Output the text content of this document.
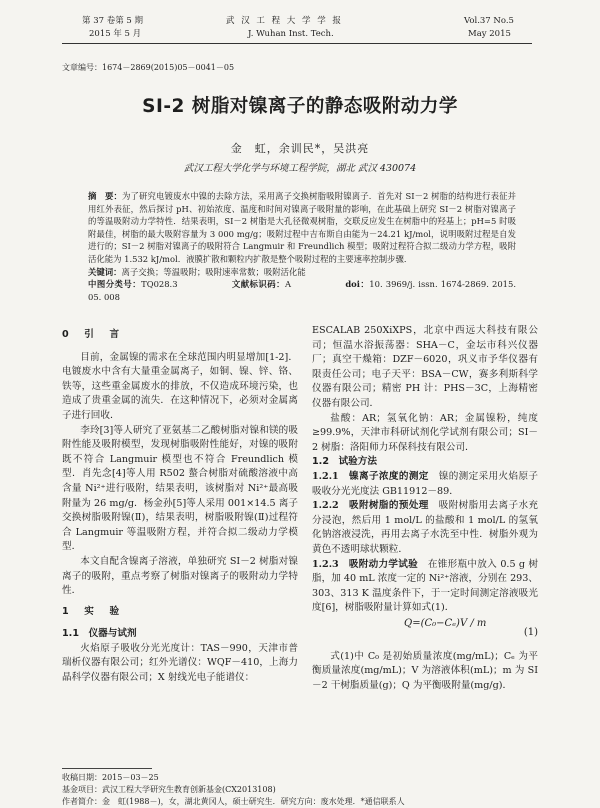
第 37 卷第 5 期
2015 年 5 月
武 汉 工 程 大 学 学 报
J. Wuhan Inst. Tech.
Vol.37 No.5
May 2015
文章编号：1674－2869(2015)05－0041－05
SI-2 树脂对镍离子的静态吸附动力学
金　虹，余训民*，吴洪亮
武汉工程大学化学与环境工程学院，湖北 武汉 430074

摘　要：为了研究电镀废水中镍的去除方法，采用离子交换树脂吸附镍离子．首先对 SI－2 树脂的结构进行表征并用红外表征，然后探讨 pH、初始浓度、温度和时间对镍离子吸附量的影响，在此基础上研究 SI－2 树脂对镍离子的等温吸附动力学特性．结果表明，SI－2 树脂是大孔径微观树脂，交联反应发生在树脂中的羟基上；pH=5 时吸附最佳，树脂的最大吸附容量为 3 000 mg/g；吸附过程中吉布斯自由能为－24.21 kJ/mol，说明吸附过程是自发进行的；SI－2 树脂对镍离子的吸附符合 Langmuir 和 Freundlich 模型；吸附过程符合拟二级动力学方程，吸附活化能为 1.532 kJ/mol．液膜扩散和颗粒内扩散是整个吸附过程的主要速率控制步骤．

关键词：离子交换；等温吸附；吸附速率常数；吸附活化能

中图分类号：TQ028.3	文献标识码：A	doi：10. 3969/j. issn. 1674-2869. 2015. 05. 008

0　引　言

目前，金属镍的需求在全球范围内明显增加[1-2]．电镀废水中含有大量重金属离子，如铜、镍、锌、铬、铁等，这些重金属废水的排放，不仅造成环境污染，也造成了贵重金属的流失．在这种情况下，必须对金属离子进行回收．

李玲[3]等人研究了亚氨基二乙酸树脂对镍和镁的吸附性能及吸附模型，发现树脂吸附性能好，对镍的吸附既不符合 Langmuir 模型也不符合 Freundlich 模型．肖先念[4]等人用 R502 螯合树脂对硫酸溶液中高含量 Ni²⁺进行吸附，结果表明，该树脂对 Ni²⁺最高吸附量为 26 mg/g．杨金孙[5]等人采用 001×14.5 离子交换树脂吸附镍(Ⅱ)，结果表明，树脂吸附镍(Ⅱ)过程符合 Langmuir 等温吸附方程，并符合拟二级动力学模型．

本文自配含镍离子溶液，单独研究 SI－2 树脂对镍离子的吸附，重点考察了树脂对镍离子的吸附动力学特性．

1　实　验

1.1　仪器与试剂

火焰原子吸收分光光度计：TAS－990，天津市普瑞析仪器有限公司；红外光谱仪：WQF－410，上海力晶科学仪器有限公司；X 射线光电子能谱仪：

ESCALAB 250XiXPS，北京中西远大科技有限公司；恒温水浴振荡器：SHA－C，金坛市科兴仪器厂；真空干燥箱：DZF－6020，巩义市予华仪器有限责任公司；电子天平：BSA－CW，赛多利斯科学仪器有限公司；精密 PH 计：PHS－3C，上海精密仪器有限公司．

盐酸：AR；氢氧化钠：AR；金属镍粉，纯度≥99.9%，天津市科研试剂化学试剂有限公司；SI－2 树脂：洛阳师力环保科技有限公司．

1.2　试验方法

1.2.1　镍离子浓度的测定　镍的测定采用火焰原子吸收分光光度法 GB11912－89．

1.2.2　吸附树脂的预处理　吸附树脂用去离子水充分浸泡，然后用 1 mol/L 的盐酸和 1 mol/L 的氢氧化钠溶液浸洗，再用去离子水洗至中性．树脂外观为黄色不透明球状颗粒．

1.2.3　吸附动力学试验　在锥形瓶中放入 0.5 g 树脂，加 40 mL 浓度一定的 Ni²⁺溶液，分别在 293、303、313 K 温度条件下，于一定时间测定溶液吸光度[6]，树脂吸附量计算如式(1)．

Q=(C₀−Cₑ)V / m
(1)

式(1)中 C₀ 是初始质量浓度(mg/mL)；Cₑ 为平衡质量浓度(mg/mL)；V 为溶液体积(mL)；m 为 SI－2 干树脂质量(g)；Q 为平衡吸附量(mg/g)．

收稿日期：2015－03－25
基金项目：武汉工程大学研究生教育创新基金(CX2013108)
作者简介：金　虹(1988－)，女，湖北黄冈人，硕士研究生．研究方向：废水处理．*通信联系人
